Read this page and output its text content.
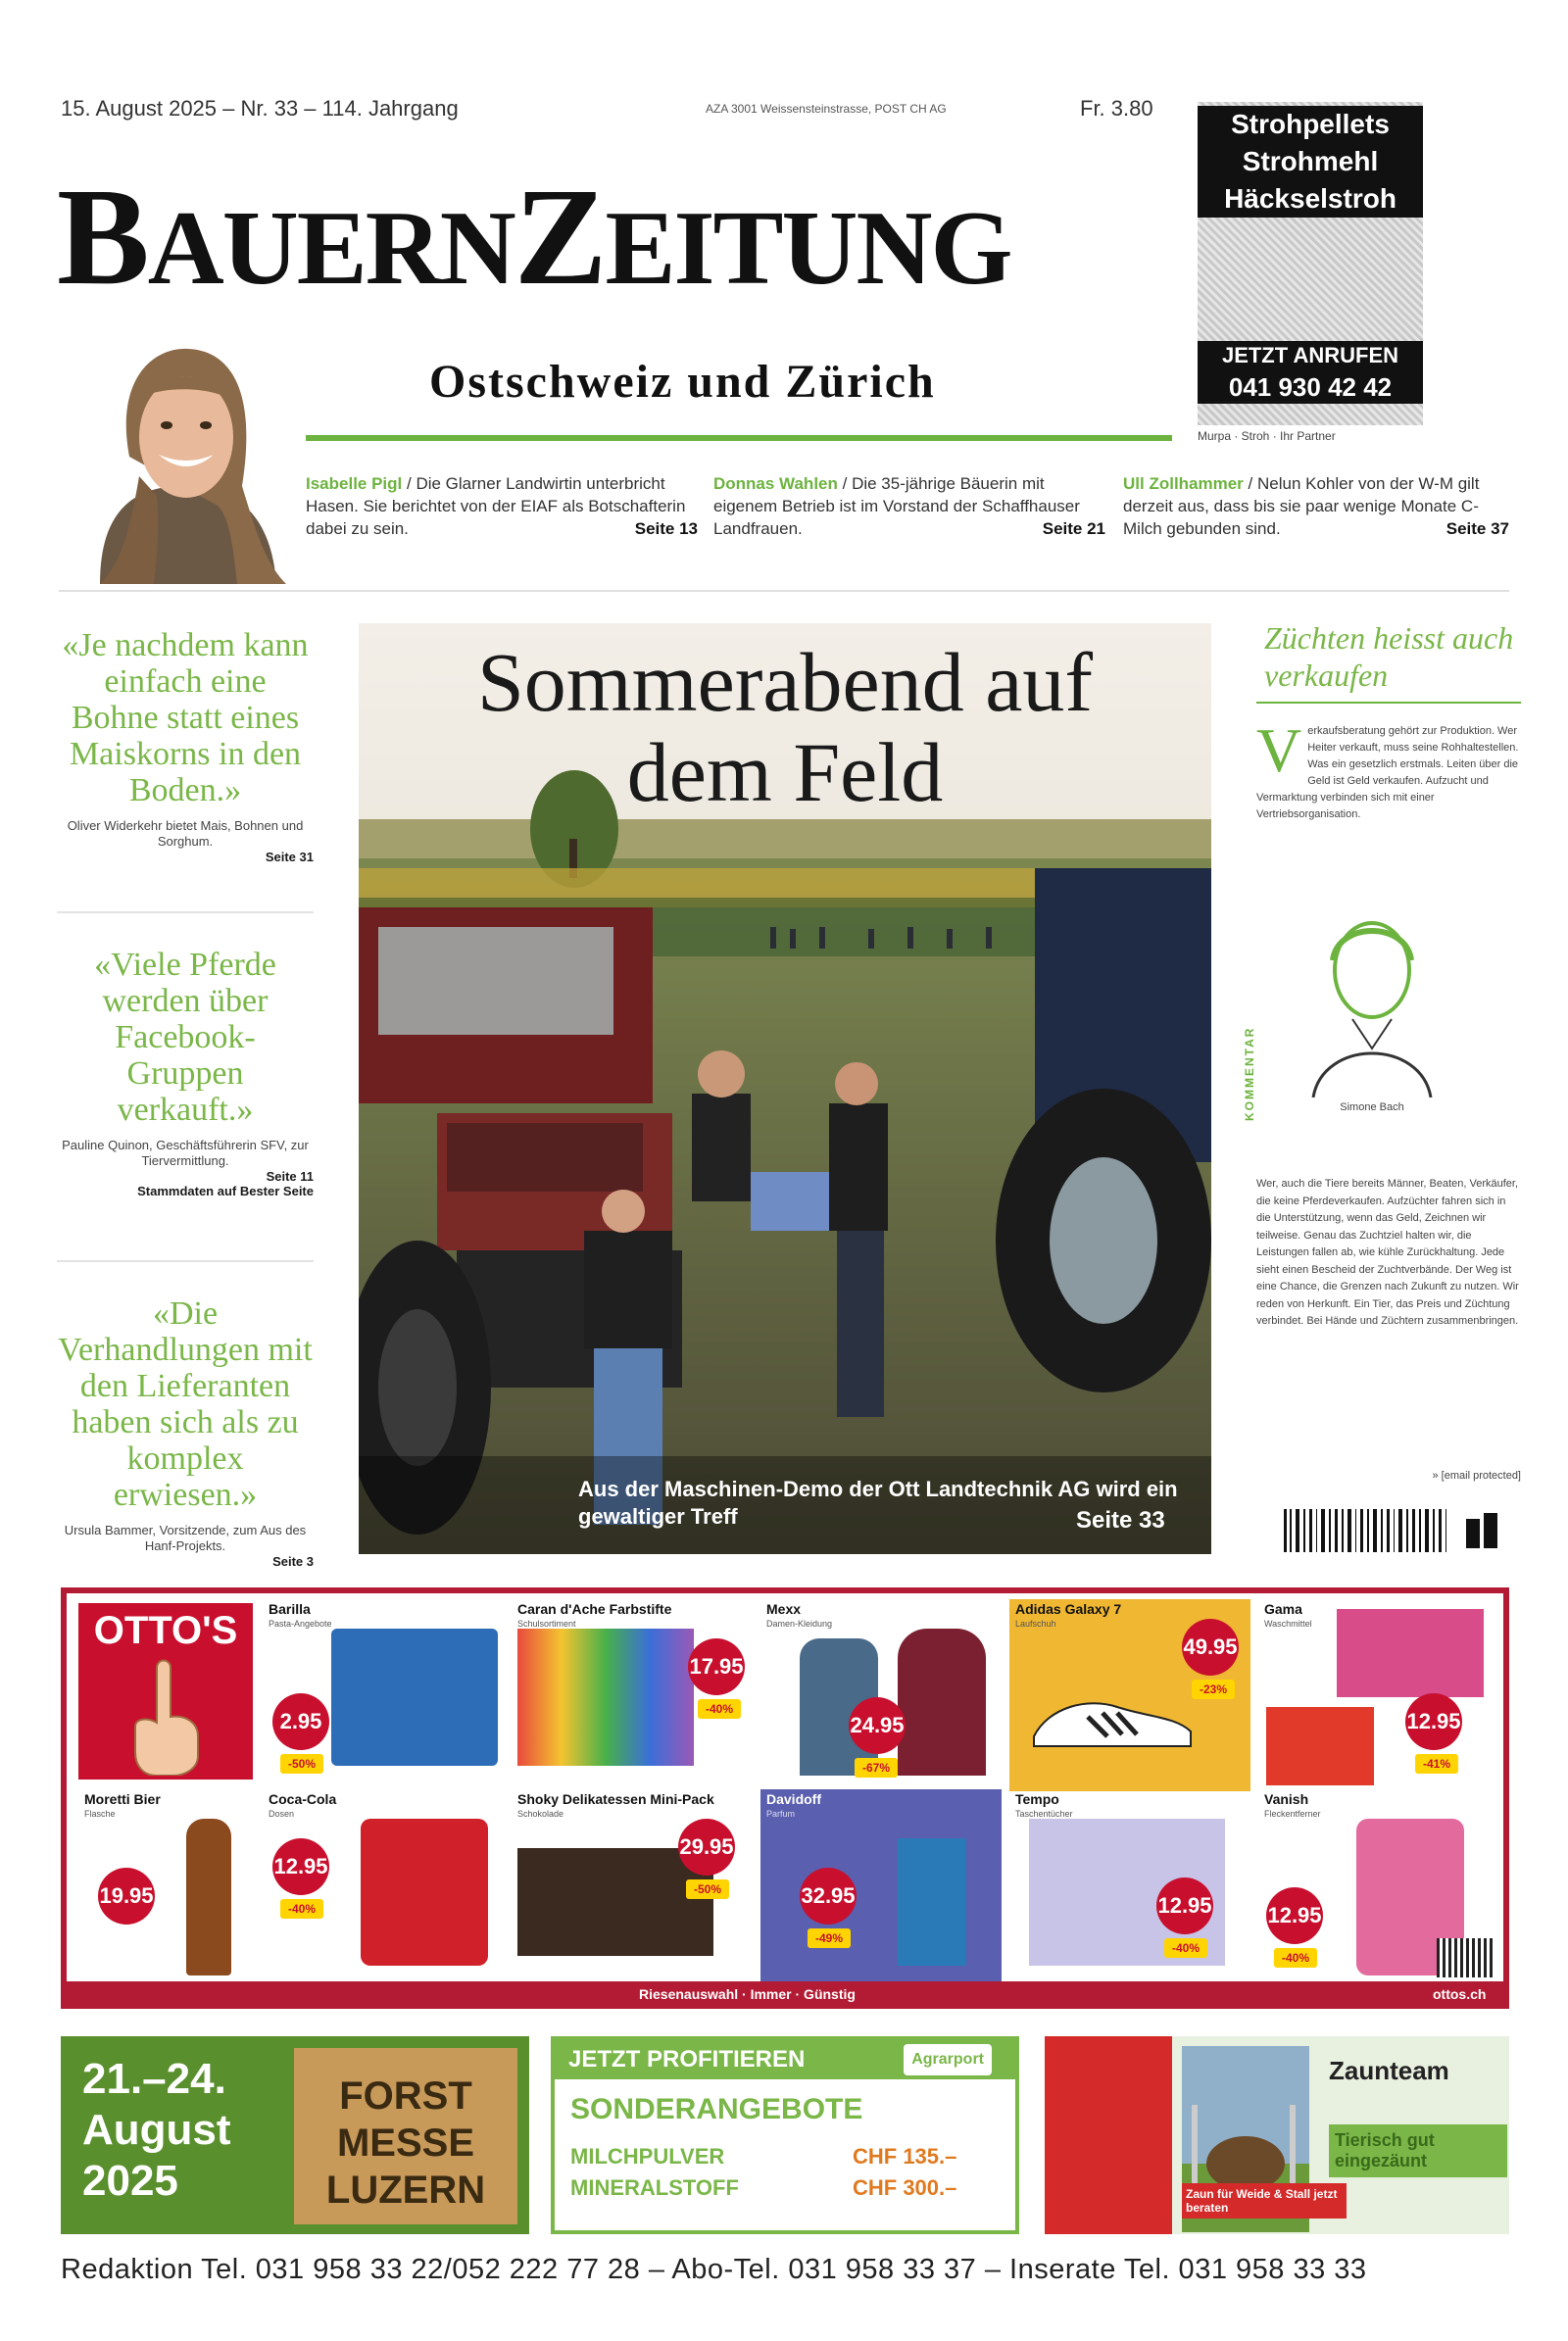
15. August 2025 – Nr. 33 – 114. Jahrgang	AZA 3001 Weissensteinstrasse, POST CH AG	Fr. 3.80
BAUERNZEITUNG
Ostschweiz und Zürich
Strohpellets
Strohmehl
Häckselstroh
JETZT ANRUFEN
041 930 42 42
Murpa · Stroh · Ihr Partner
Isabelle Pigl / Die Glarner Landwirtin unterbricht Hasen. Sie berichtet von der EIAF als Botschafterin dabei zu sein.	Seite 13
Donnas Wahlen / Die 35-jährige Bäuerin mit eigenem Betrieb ist im Vorstand der Schaffhauser Landfrauen.	Seite 21
Ull Zollhammer / Nelun Kohler von der W-M gilt derzeit aus, dass bis sie paar wenige Monate C-Milch gebunden sind.	Seite 37
«Je nachdem kann einfach eine Bohne statt eines Maiskorns in den Boden.»
Oliver Widerkehr bietet Mais, Bohnen und Sorghum.
Seite 31
«Viele Pferde werden über Facebook-Gruppen verkauft.»
Pauline Quinon, Geschäftsführerin SFV, zur Tiervermittlung.
Seite 11
Stammdaten auf Bester Seite
«Die Verhandlungen mit den Lieferanten haben sich als zu komplex erwiesen.»
Ursula Bammer, Vorsitzende, zum Aus des Hanf-Projekts.
Seite 3
Sommerabend auf
dem Feld
Aus der Maschinen-Demo der Ott Landtechnik AG wird ein gewaltiger Treff	Seite 33
Züchten heisst auch verkaufen
Verkaufsberatung gehört zur Produktion. Wer Heiter verkauft, muss seine Rohhaltestellen. Was ein gesetzlich erstmals. Leiten über die Geld ist Geld verkaufen. Aufzucht und Vermarktung verbinden sich mit einer Vertriebsorganisation.
KOMMENTAR	Simone Bach
Wer, auch die Tiere bereits Männer, Beaten, Verkäufer, die keine Pferdeverkaufen. Aufzüchter fahren sich in die Unterstützung, wenn das Geld, Zeichnen wir teilweise. Genau das Zuchtziel halten wir, die Leistungen fallen ab, wie kühle Zurückhaltung. Jede sieht einen Bescheid der Zuchtverbände. Der Weg ist eine Chance, die Grenzen nach Zukunft zu nutzen. Wir reden von Herkunft. Ein Tier, das Preis und Züchtung verbindet. Bei Hände und Züchtern zusammenbringen.
» [email protected]
OTTO'S	Barilla
Pasta-Angebote
2.95
-50%
Caran d'Ache Farbstifte
Schulsortiment
17.95
-40%
Mexx
Damen-Kleidung
24.95
-67%
Adidas Galaxy 7
Laufschuh
49.95
-23%
Gama
Waschmittel
12.95
-41%
Moretti Bier
Flasche
19.95
Coca-Cola
Dosen
12.95
-40%
Shoky Delikatessen Mini-Pack
Schokolade
29.95
-50%
Davidoff
Parfum
32.95
-49%
Tempo
Taschentücher
12.95
-40%
Vanish
Fleckentferner
12.95
-40%
Riesenauswahl · Immer · Günstig	ottos.ch
21.–24. August 2025
FORST
MESSE
LUZERN
JETZT PROFITIEREN	Agrarport
SONDERANGEBOTE
MILCHPULVER	CHF 135.–
MINERALSTOFF	CHF 300.–
Zaunteam
Tierisch gut eingezäunt
Zaun für Weide & Stall jetzt beraten
Redaktion Tel. 031 958 33 22/052 222 77 28 – Abo-Tel. 031 958 33 37 – Inserate Tel. 031 958 33 33
